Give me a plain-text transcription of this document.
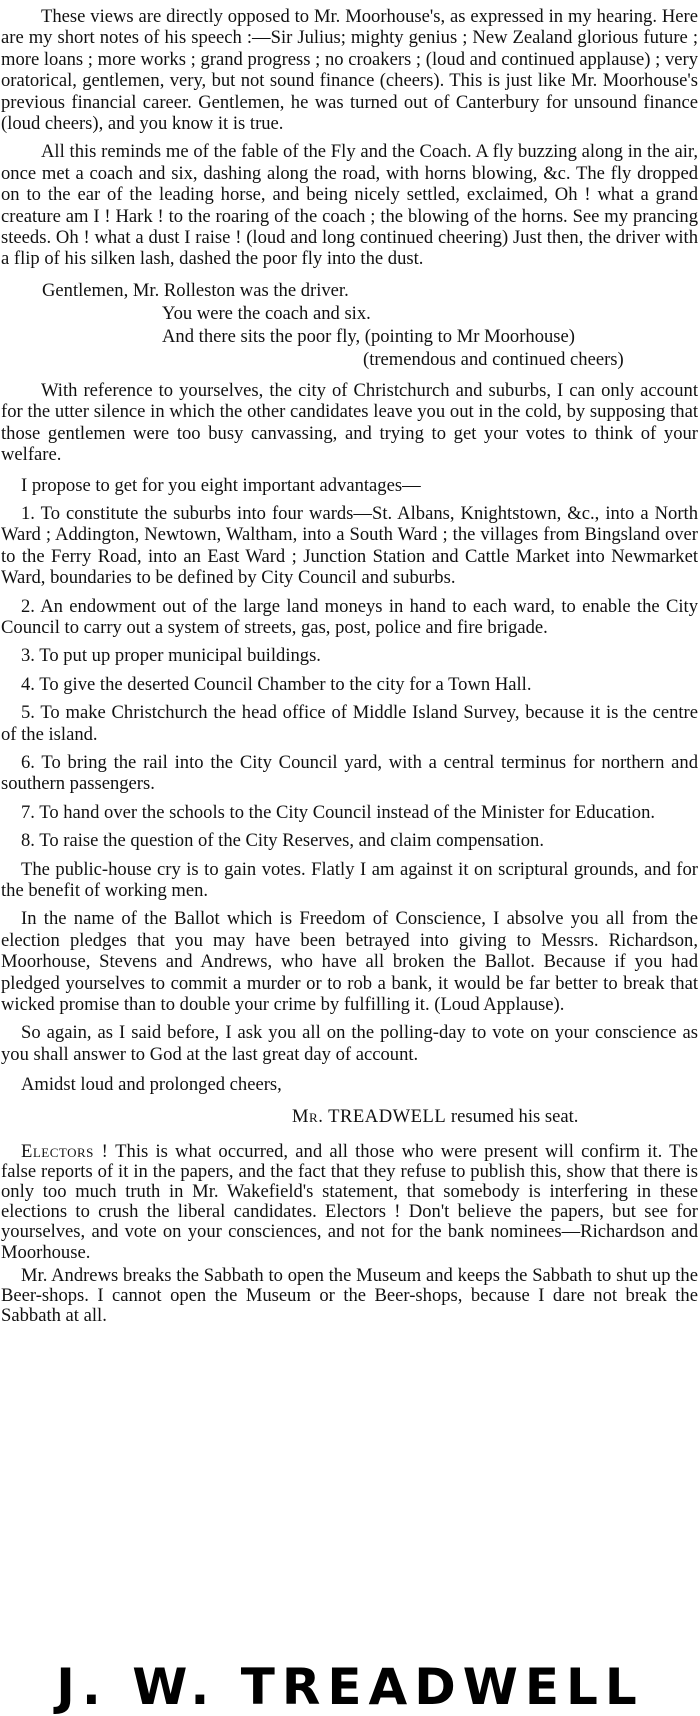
These views are directly opposed to Mr. Moorhouse's, as expressed in my hearing. Here are my short notes of his speech :—Sir Julius; mighty genius ; New Zealand glorious future ; more loans ; more works ; grand progress ; no croakers ; (loud and continued applause) ; very oratorical, gentlemen, very, but not sound finance (cheers). This is just like Mr. Moorhouse's previous financial career. Gentlemen, he was turned out of Canterbury for unsound finance (loud cheers), and you know it is true.

All this reminds me of the fable of the Fly and the Coach. A fly buzzing along in the air, once met a coach and six, dashing along the road, with horns blowing, &c. The fly dropped on to the ear of the leading horse, and being nicely settled, exclaimed, Oh ! what a grand creature am I ! Hark ! to the roaring of the coach ; the blowing of the horns. See my prancing steeds. Oh ! what a dust I raise ! (loud and long continued cheering) Just then, the driver with a flip of his silken lash, dashed the poor fly into the dust.

Gentlemen, Mr. Rolleston was the driver.
You were the coach and six.
And there sits the poor fly, (pointing to Mr Moorhouse)
(tremendous and continued cheers)

With reference to yourselves, the city of Christchurch and suburbs, I can only account for the utter silence in which the other candidates leave you out in the cold, by supposing that those gentlemen were too busy canvassing, and trying to get your votes to think of your welfare.

I propose to get for you eight important advantages—

1. To constitute the suburbs into four wards—St. Albans, Knightstown, &c., into a North Ward ; Addington, Newtown, Waltham, into a South Ward ; the villages from Bingsland over to the Ferry Road, into an East Ward ; Junction Station and Cattle Market into Newmarket Ward, boundaries to be defined by City Council and suburbs.

2. An endowment out of the large land moneys in hand to each ward, to enable the City Council to carry out a system of streets, gas, post, police and fire brigade.

3. To put up proper municipal buildings.

4. To give the deserted Council Chamber to the city for a Town Hall.

5. To make Christchurch the head office of Middle Island Survey, because it is the centre of the island.

6. To bring the rail into the City Council yard, with a central terminus for northern and southern passengers.

7. To hand over the schools to the City Council instead of the Minister for Education.

8. To raise the question of the City Reserves, and claim compensation.

The public-house cry is to gain votes. Flatly I am against it on scriptural grounds, and for the benefit of working men.

In the name of the Ballot which is Freedom of Conscience, I absolve you all from the election pledges that you may have been betrayed into giving to Messrs. Richardson, Moorhouse, Stevens and Andrews, who have all broken the Ballot. Because if you had pledged yourselves to commit a murder or to rob a bank, it would be far better to break that wicked promise than to double your crime by fulfilling it. (Loud Applause).

So again, as I said before, I ask you all on the polling-day to vote on your conscience as you shall answer to God at the last great day of account.

Amidst loud and prolonged cheers,

Mr. TREADWELL resumed his seat.

Electors ! This is what occurred, and all those who were present will confirm it. The false reports of it in the papers, and the fact that they refuse to publish this, show that there is only too much truth in Mr. Wakefield's statement, that somebody is interfering in these elections to crush the liberal candidates. Electors ! Don't believe the papers, but see for yourselves, and vote on your consciences, and not for the bank nominees—Richardson and Moorhouse.

Mr. Andrews breaks the Sabbath to open the Museum and keeps the Sabbath to shut up the Beer-shops. I cannot open the Museum or the Beer-shops, because I dare not break the Sabbath at all.

J. W. TREADWELL
